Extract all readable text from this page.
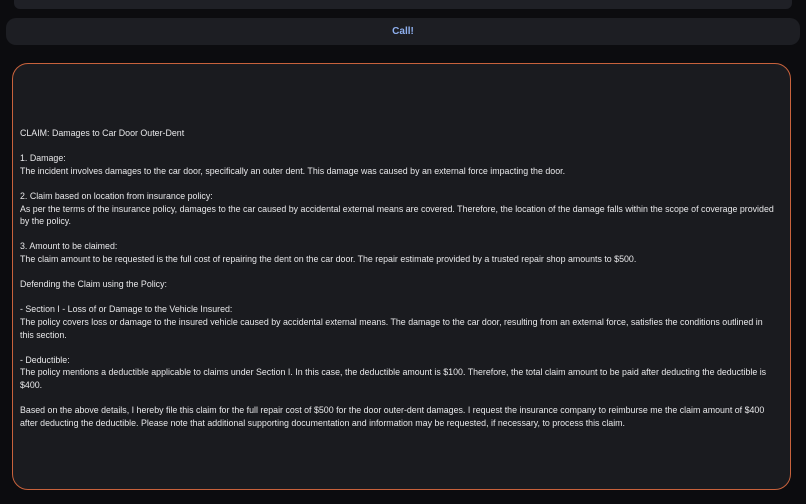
Call!

CLAIM: Damages to Car Door Outer-Dent

1. Damage:
The incident involves damages to the car door, specifically an outer dent. This damage was caused by an external force impacting the door.

2. Claim based on location from insurance policy:
As per the terms of the insurance policy, damages to the car caused by accidental external means are covered. Therefore, the location of the damage falls within the scope of coverage provided by the policy.

3. Amount to be claimed:
The claim amount to be requested is the full cost of repairing the dent on the car door. The repair estimate provided by a trusted repair shop amounts to $500.

Defending the Claim using the Policy:

- Section I - Loss of or Damage to the Vehicle Insured:
The policy covers loss or damage to the insured vehicle caused by accidental external means. The damage to the car door, resulting from an external force, satisfies the conditions outlined in this section.

- Deductible:
The policy mentions a deductible applicable to claims under Section I. In this case, the deductible amount is $100. Therefore, the total claim amount to be paid after deducting the deductible is $400.

Based on the above details, I hereby file this claim for the full repair cost of $500 for the door outer-dent damages. I request the insurance company to reimburse me the claim amount of $400 after deducting the deductible. Please note that additional supporting documentation and information may be requested, if necessary, to process this claim.
